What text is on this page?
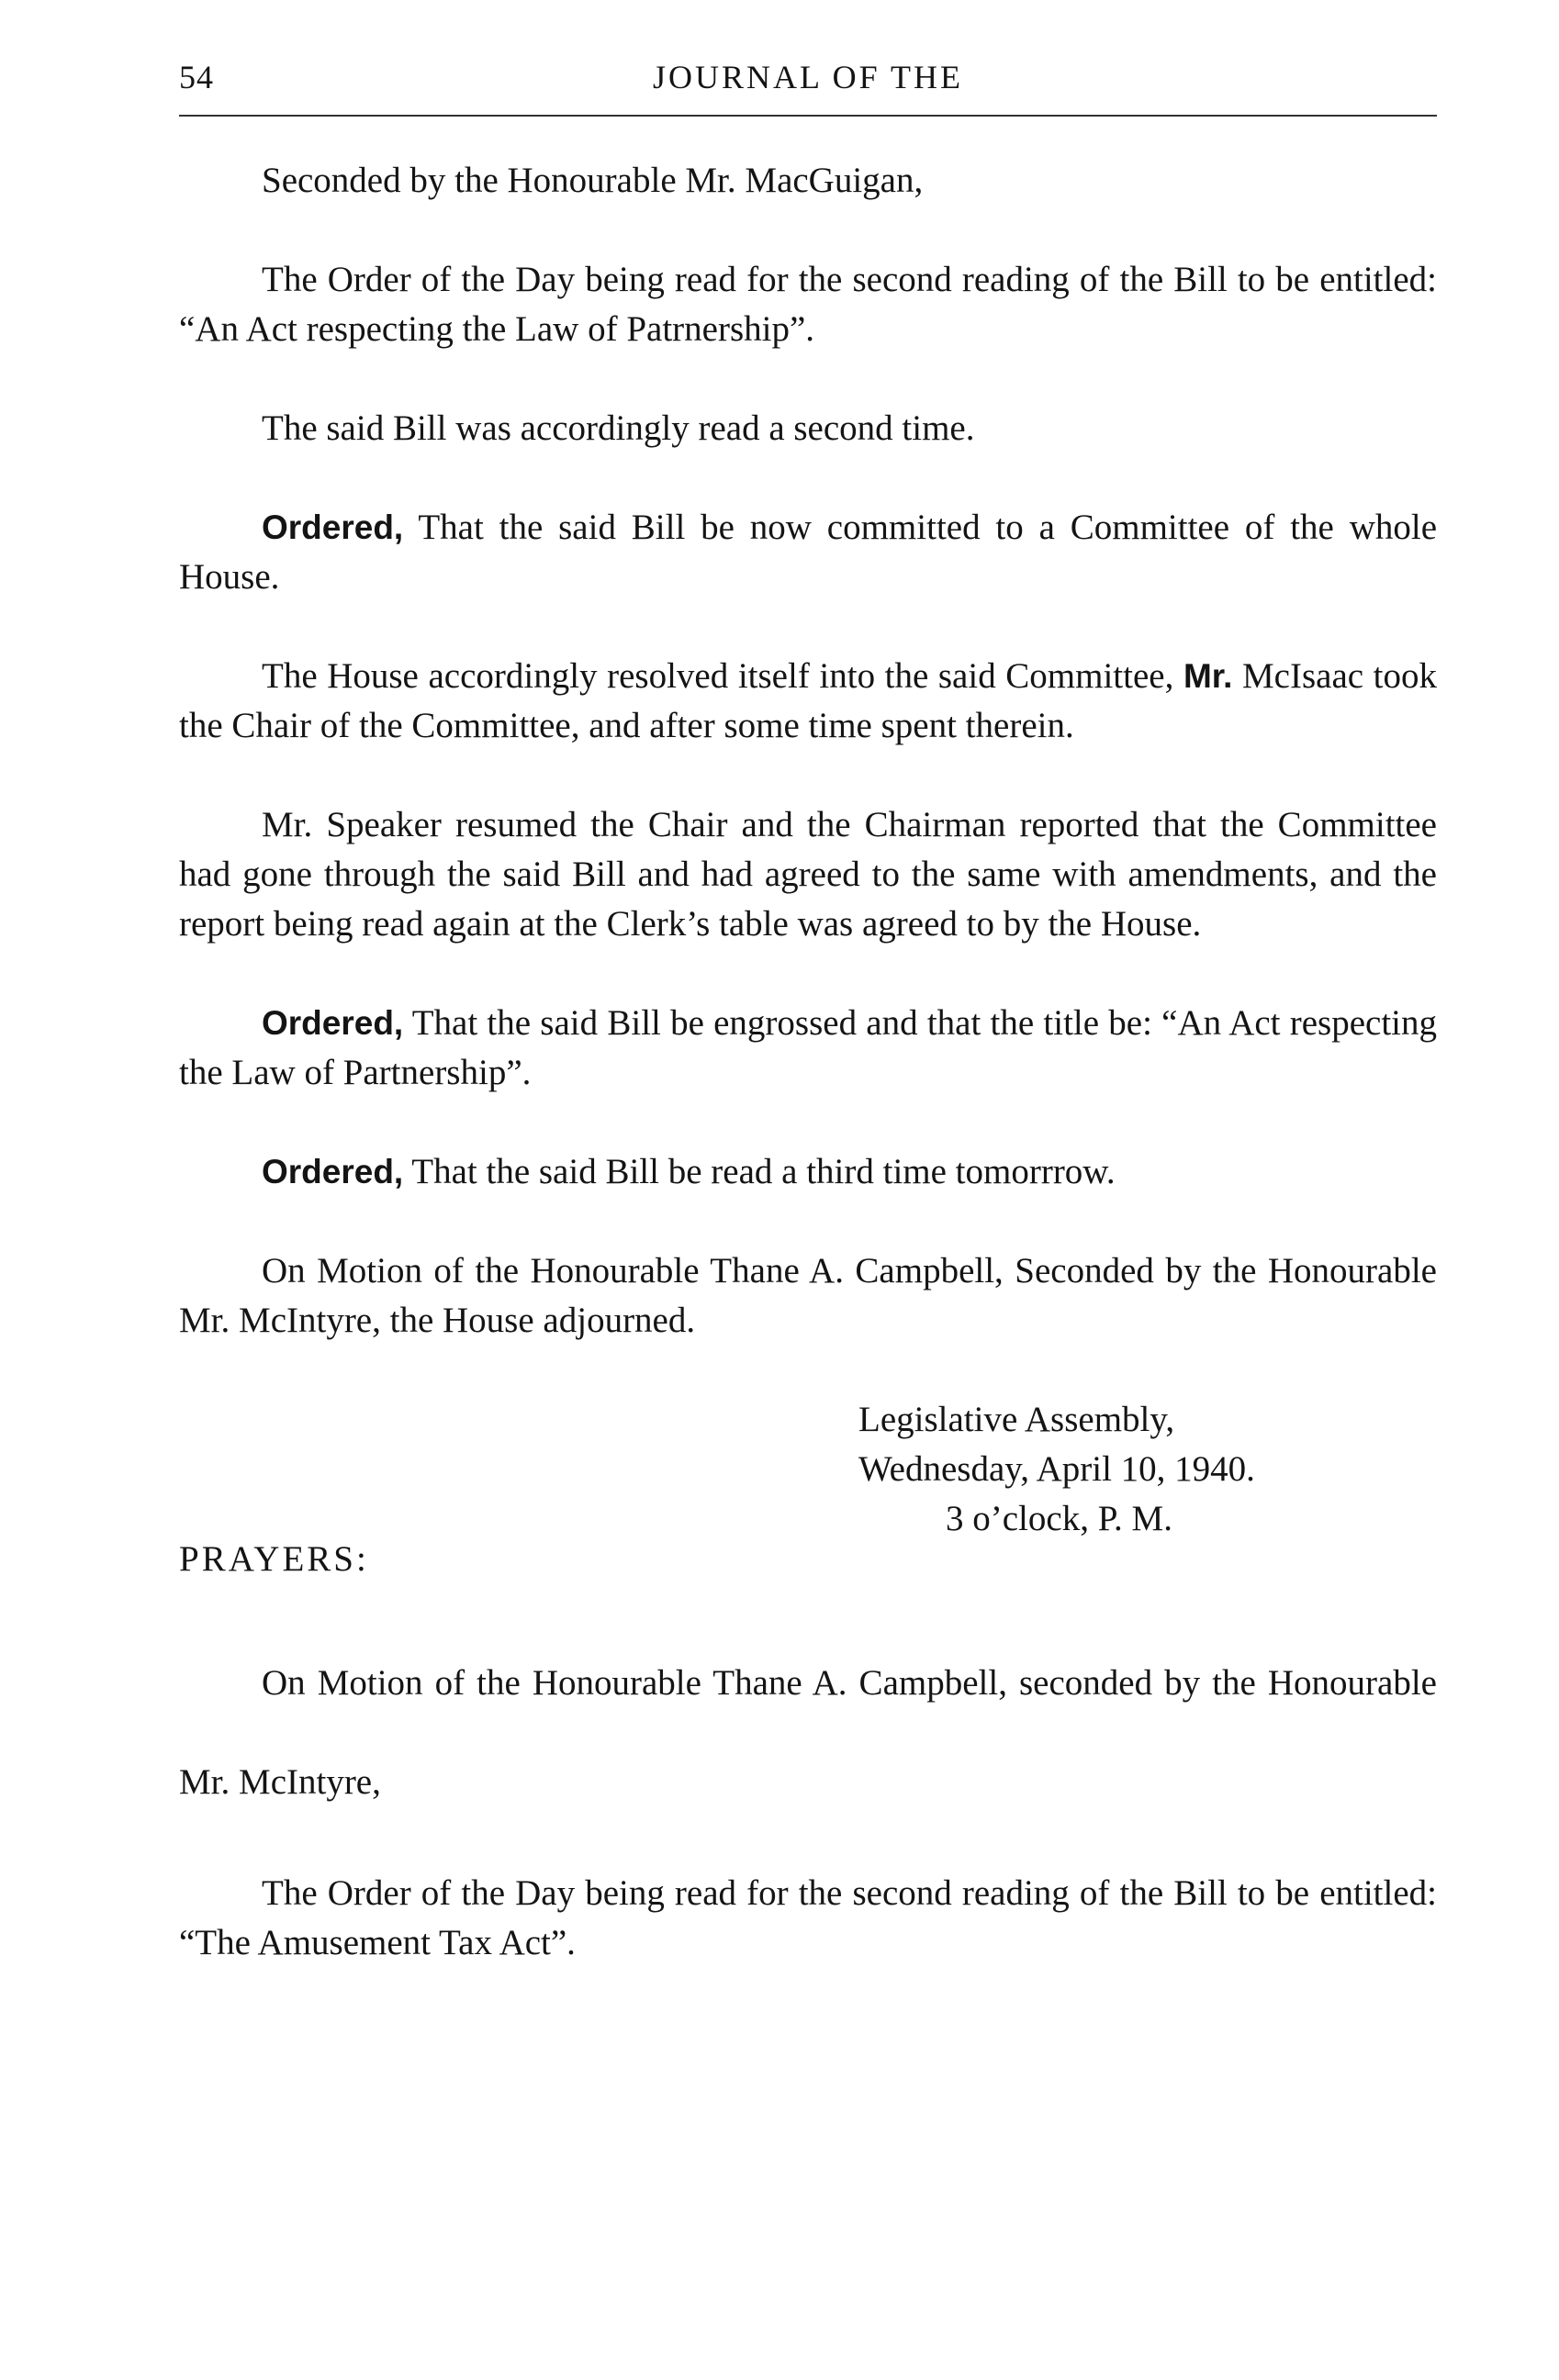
54	JOURNAL OF THE

Seconded by the Honourable Mr. MacGuigan,

The Order of the Day being read for the second reading of the Bill to be entitled: “An Act respecting the Law of Patrnership”.

The said Bill was accordingly read a second time.

Ordered, That the said Bill be now committed to a Committee of the whole House.

The House accordingly resolved itself into the said Committee, Mr. McIsaac took the Chair of the Committee, and after some time spent therein.

Mr. Speaker resumed the Chair and the Chairman reported that the Committee had gone through the said Bill and had agreed to the same with amendments, and the report being read again at the Clerk’s table was agreed to by the House.

Ordered, That the said Bill be engrossed and that the title be: “An Act respecting the Law of Partnership”.

Ordered, That the said Bill be read a third time tomorrrow.

On Motion of the Honourable Thane A. Campbell, Seconded by the Honourable Mr. McIntyre, the House adjourned.

Legislative Assembly,
Wednesday, April 10, 1940.
3 o’clock, P. M.

PRAYERS:

On Motion of the Honourable Thane A. Campbell, seconded by the Honourable Mr. McIntyre,

The Order of the Day being read for the second reading of the Bill to be entitled: “The Amusement Tax Act”.
